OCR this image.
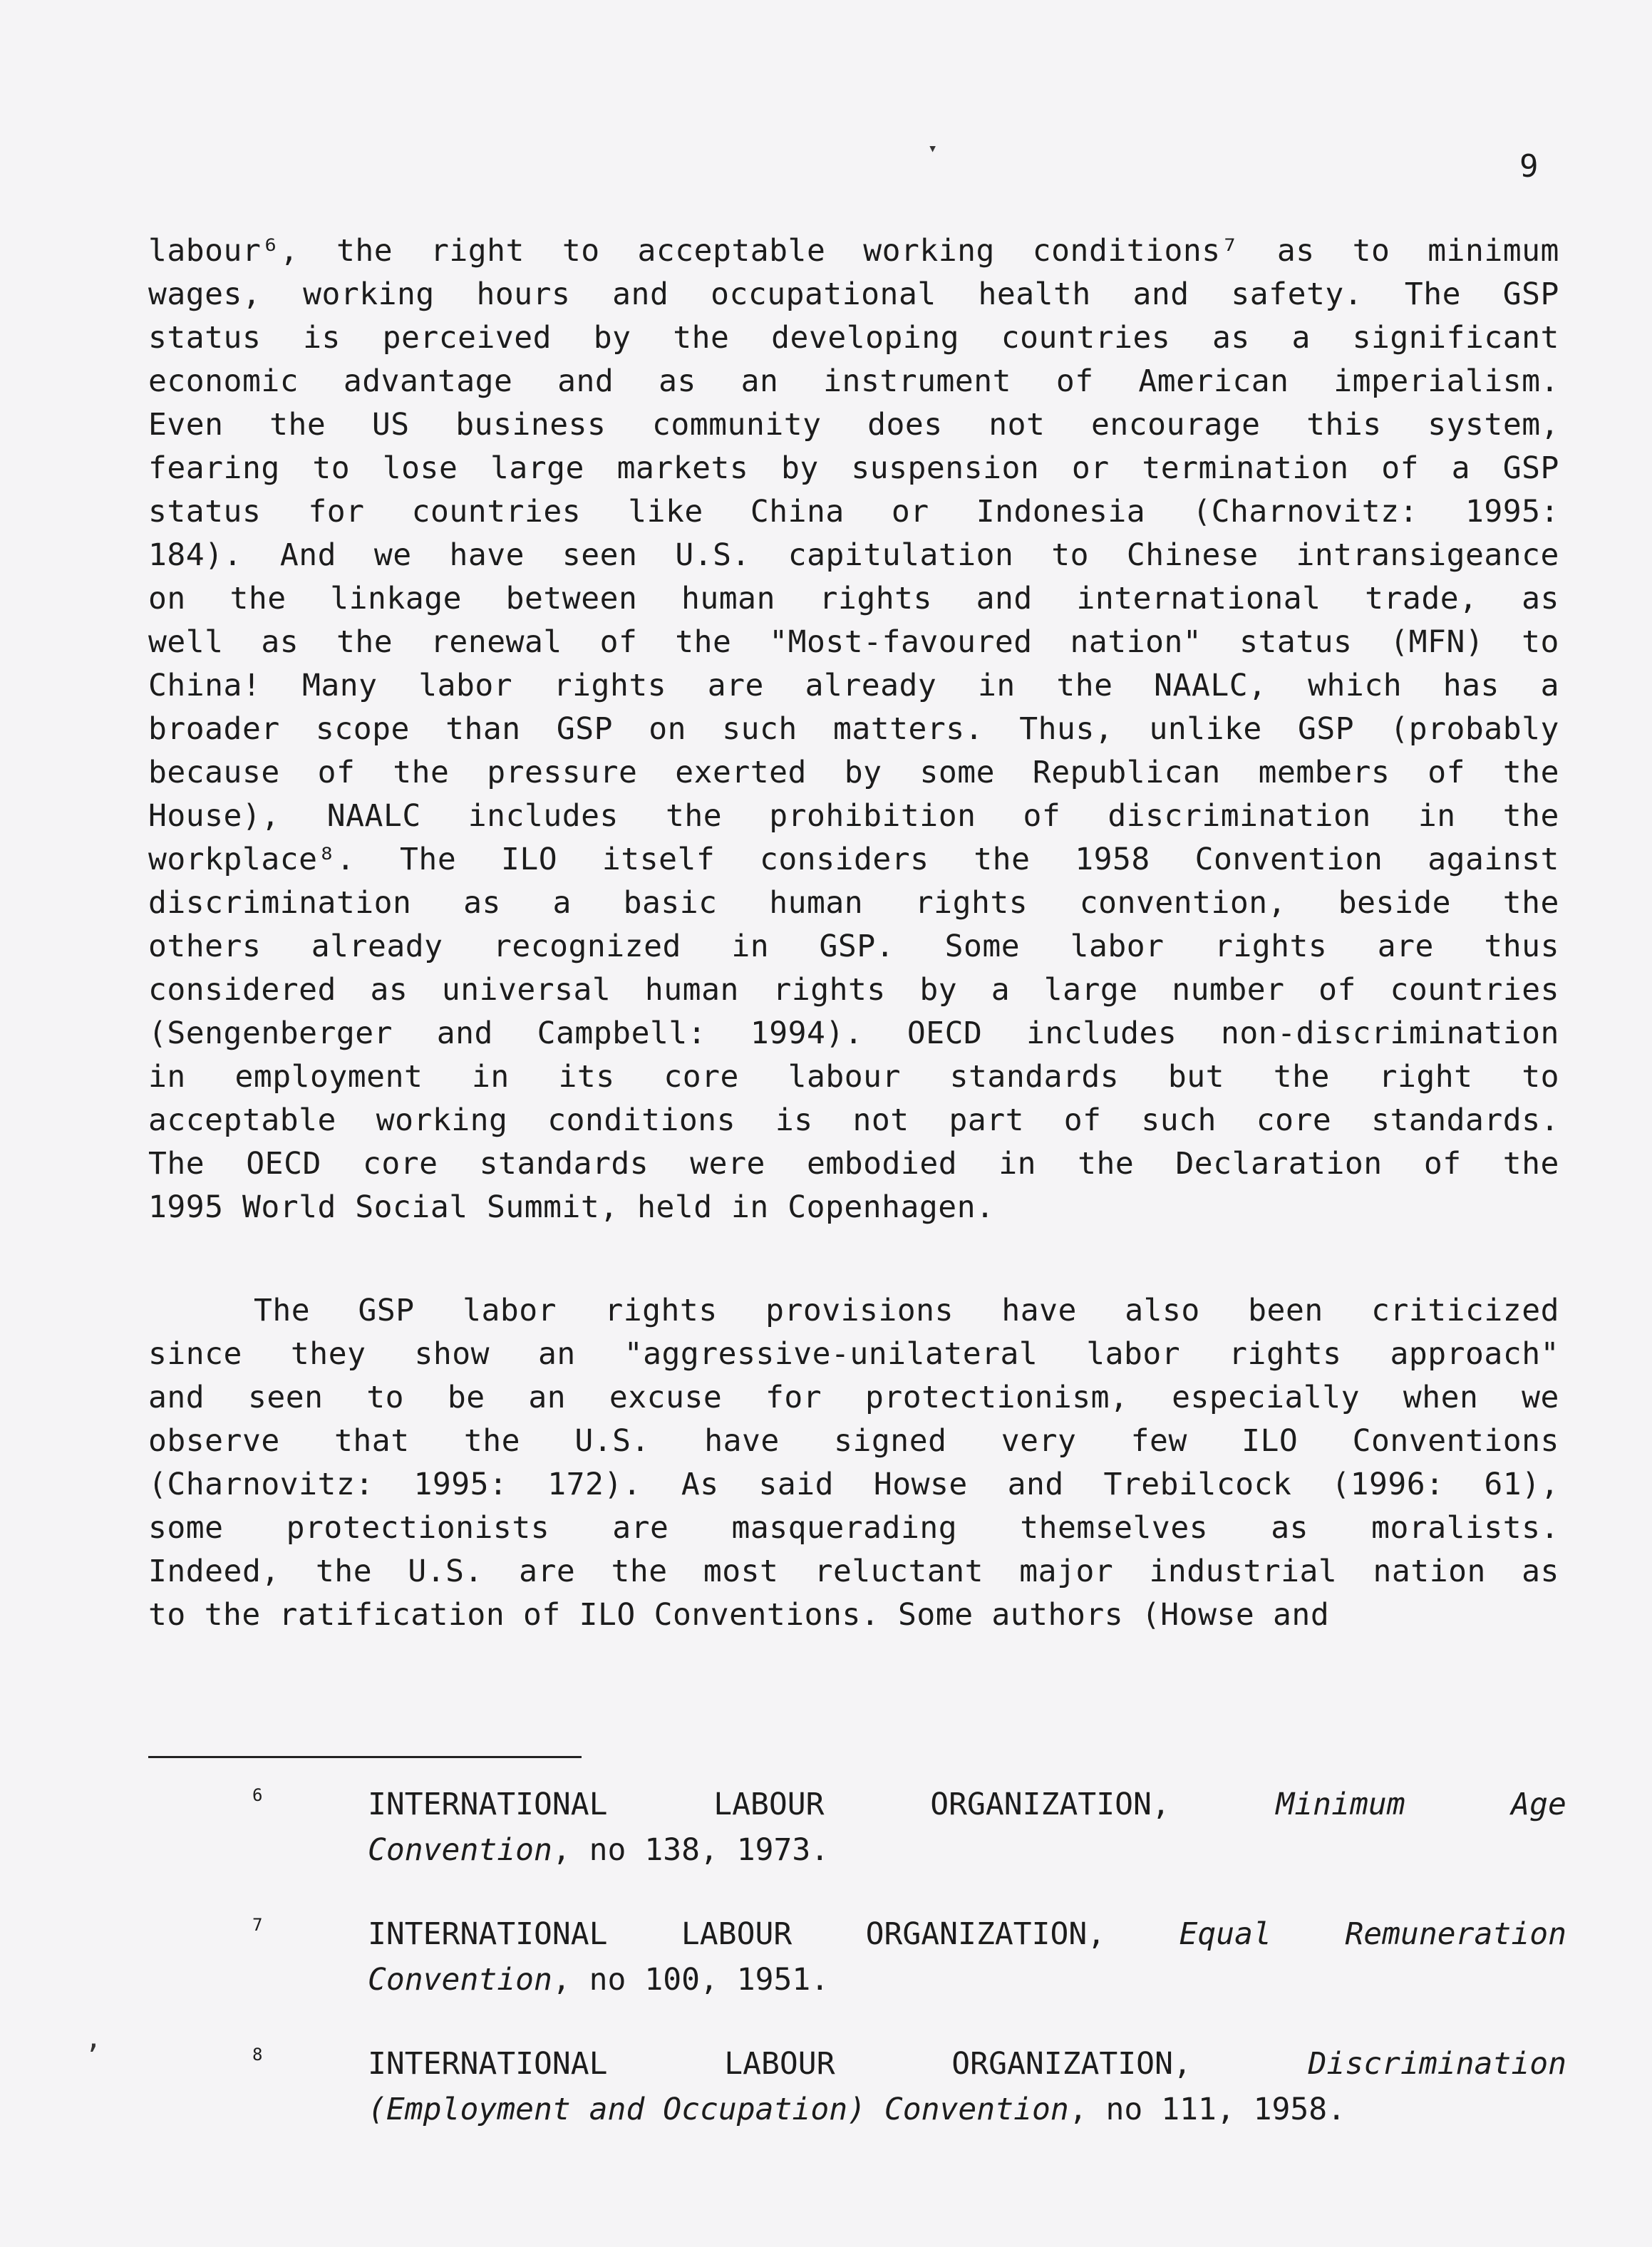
▾	9

labour⁶, the right to acceptable working conditions⁷ as to minimum

wages, working hours and occupational health and safety. The GSP

status is perceived by the developing countries as a significant

economic advantage and as an instrument of American imperialism.

Even the US business community does not encourage this system,

fearing to lose large markets by suspension or termination of a GSP

status for countries like China or Indonesia (Charnovitz: 1995:

184). And we have seen U.S. capitulation to Chinese intransigeance

on the linkage between human rights and international trade, as

well as the renewal of the "Most-favoured nation" status (MFN) to

China! Many labor rights are already in the NAALC, which has a

broader scope than GSP on such matters. Thus, unlike GSP (probably

because of the pressure exerted by some Republican members of the

House), NAALC includes the prohibition of discrimination in the

workplace⁸. The ILO itself considers the 1958 Convention against

discrimination as a basic human rights convention, beside the

others already recognized in GSP. Some labor rights are thus

considered as universal human rights by a large number of countries

(Sengenberger and Campbell: 1994). OECD includes non-discrimination

in employment in its core labour standards but the right to

acceptable working conditions is not part of such core standards.

The OECD core standards were embodied in the Declaration of the

1995 World Social Summit, held in Copenhagen.

The GSP labor rights provisions have also been criticized

since they show an "aggressive-unilateral labor rights approach"

and seen to be an excuse for protectionism, especially when we

observe that the U.S. have signed very few ILO Conventions

(Charnovitz: 1995: 172). As said Howse and Trebilcock (1996: 61),

some protectionists are masquerading themselves as moralists.

Indeed, the U.S. are the most reluctant major industrial nation as

to the ratification of ILO Conventions. Some authors (Howse and

6	INTERNATIONAL	LABOUR	ORGANIZATION,	Minimum	Age
Convention , no 138, 1973.
7	INTERNATIONAL LABOUR ORGANIZATION, Equal Remuneration
Convention , no 100, 1951.
8	INTERNATIONAL	LABOUR	ORGANIZATION,	Discrimination
(Employment and Occupation) Convention , no 111, 1958.
’
